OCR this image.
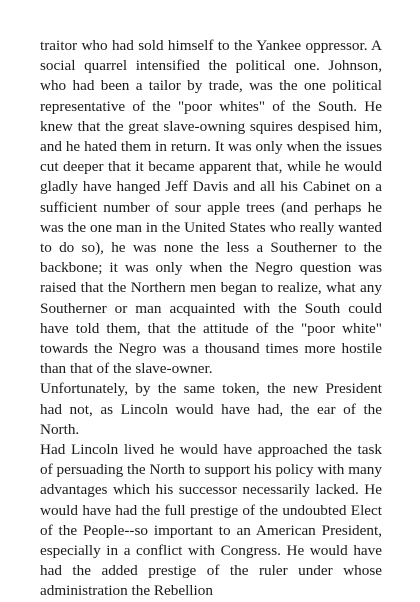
traitor who had sold himself to the Yankee oppressor. A social quarrel intensified the political one. Johnson, who had been a tailor by trade, was the one political representative of the "poor whites" of the South. He knew that the great slave-owning squires despised him, and he hated them in return. It was only when the issues cut deeper that it became apparent that, while he would gladly have hanged Jeff Davis and all his Cabinet on a sufficient number of sour apple trees (and perhaps he was the one man in the United States who really wanted to do so), he was none the less a Southerner to the backbone; it was only when the Negro question was raised that the Northern men began to realize, what any Southerner or man acquainted with the South could have told them, that the attitude of the "poor white" towards the Negro was a thousand times more hostile than that of the slave-owner.

Unfortunately, by the same token, the new President had not, as Lincoln would have had, the ear of the North.

Had Lincoln lived he would have approached the task of persuading the North to support his policy with many advantages which his successor necessarily lacked. He would have had the full prestige of the undoubted Elect of the People--so important to an American President, especially in a conflict with Congress. He would have had the added prestige of the ruler under whose administration the Rebellion
